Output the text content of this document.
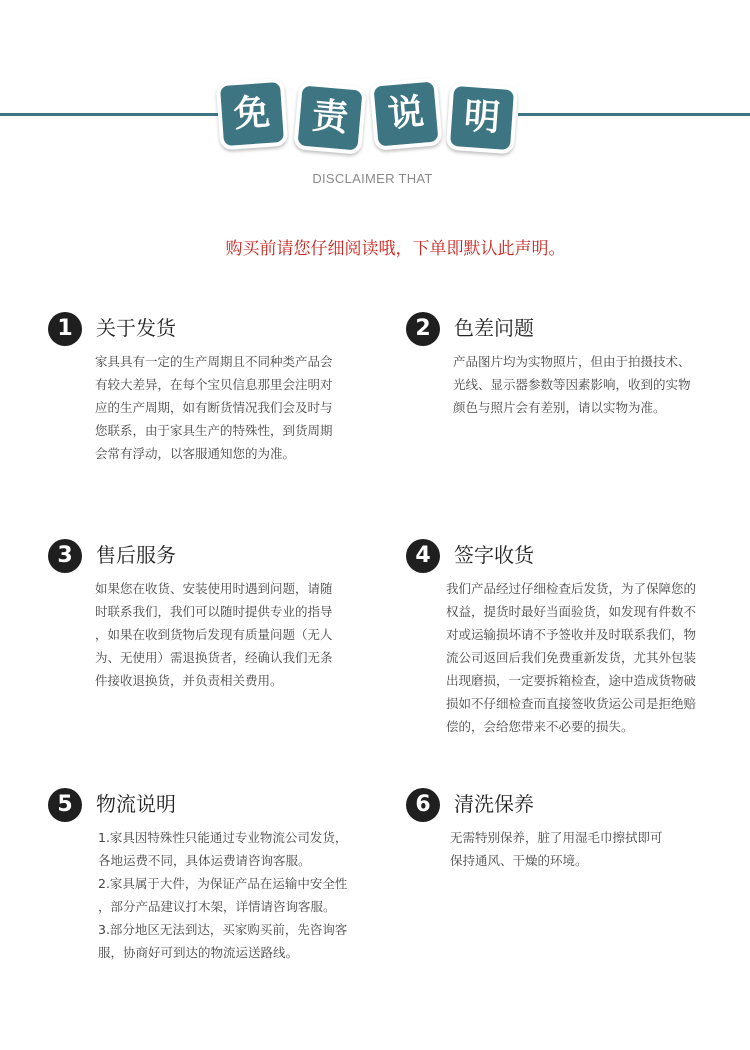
免	责	说	明
DISCLAIMER THAT
购买前请您仔细阅读哦，下单即默认此声明。
1	关于发货
家具具有一定的生产周期且不同种类产品会
有较大差异，在每个宝贝信息那里会注明对
应的生产周期，如有断货情况我们会及时与
您联系，由于家具生产的特殊性，到货周期
会常有浮动，以客服通知您的为准。
2	色差问题
产品图片均为实物照片，但由于拍摄技术、
光线、显示器参数等因素影响，收到的实物
颜色与照片会有差别，请以实物为准。
3	售后服务
如果您在收货、安装使用时遇到问题，请随
时联系我们，我们可以随时提供专业的指导
，如果在收到货物后发现有质量问题（无人
为、无使用）需退换货者，经确认我们无条
件接收退换货，并负责相关费用。
4	签字收货
我们产品经过仔细检查后发货，为了保障您的
权益，提货时最好当面验货，如发现有件数不
对或运输损坏请不予签收并及时联系我们，物
流公司返回后我们免费重新发货，尤其外包装
出现磨损，一定要拆箱检查，途中造成货物破
损如不仔细检查而直接签收货运公司是拒绝赔
偿的，会给您带来不必要的损失。
5	物流说明
1.家具因特殊性只能通过专业物流公司发货，
各地运费不同，具体运费请咨询客服。
2.家具属于大件，为保证产品在运输中安全性
，部分产品建议打木架，详情请咨询客服。
3.部分地区无法到达，买家购买前，先咨询客
服，协商好可到达的物流运送路线。
6	清洗保养
无需特别保养，脏了用湿毛巾擦拭即可
保持通风、干燥的环境。
